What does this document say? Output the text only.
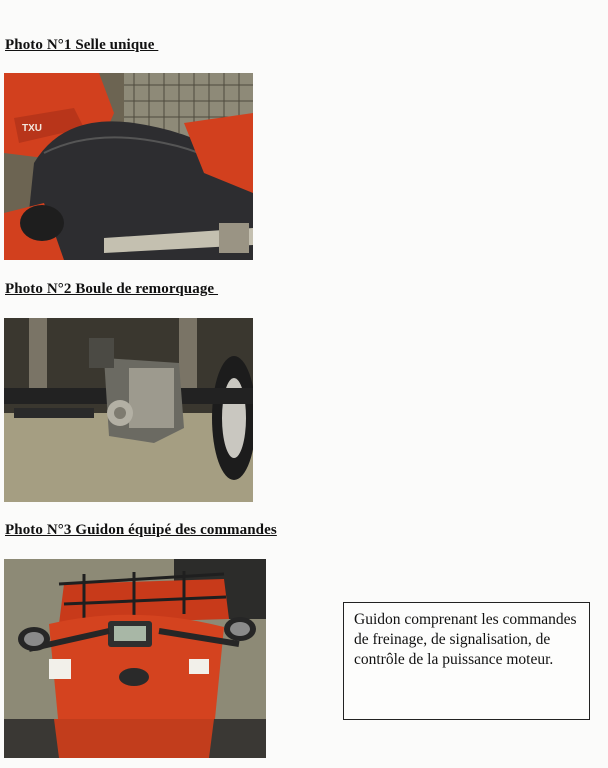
Photo N°1 Selle unique
TXU
Photo N°2 Boule de remorquage
Photo N°3 Guidon équipé des commandes
Guidon comprenant les commandes de freinage, de signalisation, de contrôle de la puissance moteur.
